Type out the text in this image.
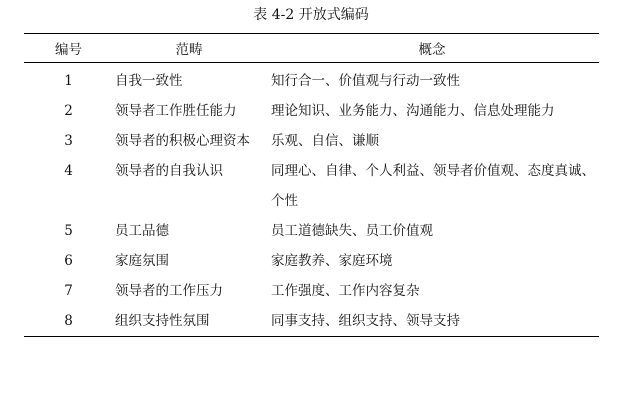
表 4-2 开放式编码
编号	范畴	概念
1	自我一致性	知行合一、价值观与行动一致性

2	领导者工作胜任能力	理论知识、业务能力、沟通能力、信息处理能力

3	领导者的积极心理资本	乐观、自信、谦顺

4	领导者的自我认识	同理心、自律、个人利益、领导者价值观、态度真诚、个性

5	员工品德	员工道德缺失、员工价值观

6	家庭氛围	家庭教养、家庭环境

7	领导者的工作压力	工作强度、工作内容复杂

8	组织支持性氛围	同事支持、组织支持、领导支持
